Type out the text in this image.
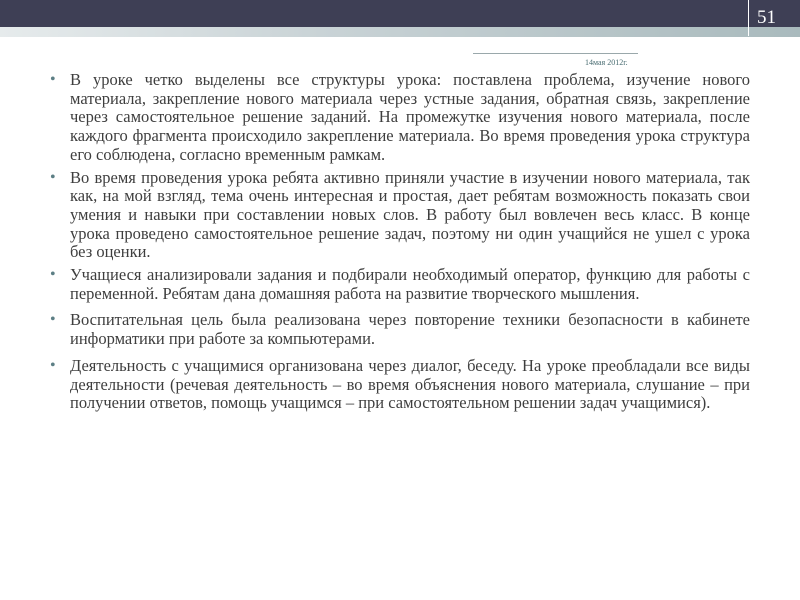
51
14мая 2012г.
• В уроке четко выделены все структуры урока: поставлена проблема, изучение нового материала, закрепление нового материала через устные задания, обратная связь, закрепление через самостоятельное решение заданий. На промежутке изучения нового материала, после каждого фрагмента происходило закрепление материала. Во время проведения урока структура его соблюдена, согласно временным рамкам.
• Во время проведения урока ребята активно приняли участие в изучении нового материала, так как, на мой взгляд, тема очень интересная и простая, дает ребятам возможность показать свои умения и навыки при составлении новых слов. В работу был вовлечен весь класс. В конце урока проведено самостоятельное решение задач, поэтому ни один учащийся не ушел с урока без оценки.
• Учащиеся анализировали задания и подбирали необходимый оператор, функцию для работы с переменной. Ребятам дана домашняя работа на развитие творческого мышления.
• Воспитательная цель была реализована через повторение техники безопасности в кабинете информатики при работе за компьютерами.
• Деятельность с учащимися организована через диалог, беседу. На уроке преобладали все виды деятельности (речевая деятельность – во время объяснения нового материала, слушание – при получении ответов, помощь учащимся – при самостоятельном решении задач учащимися).
